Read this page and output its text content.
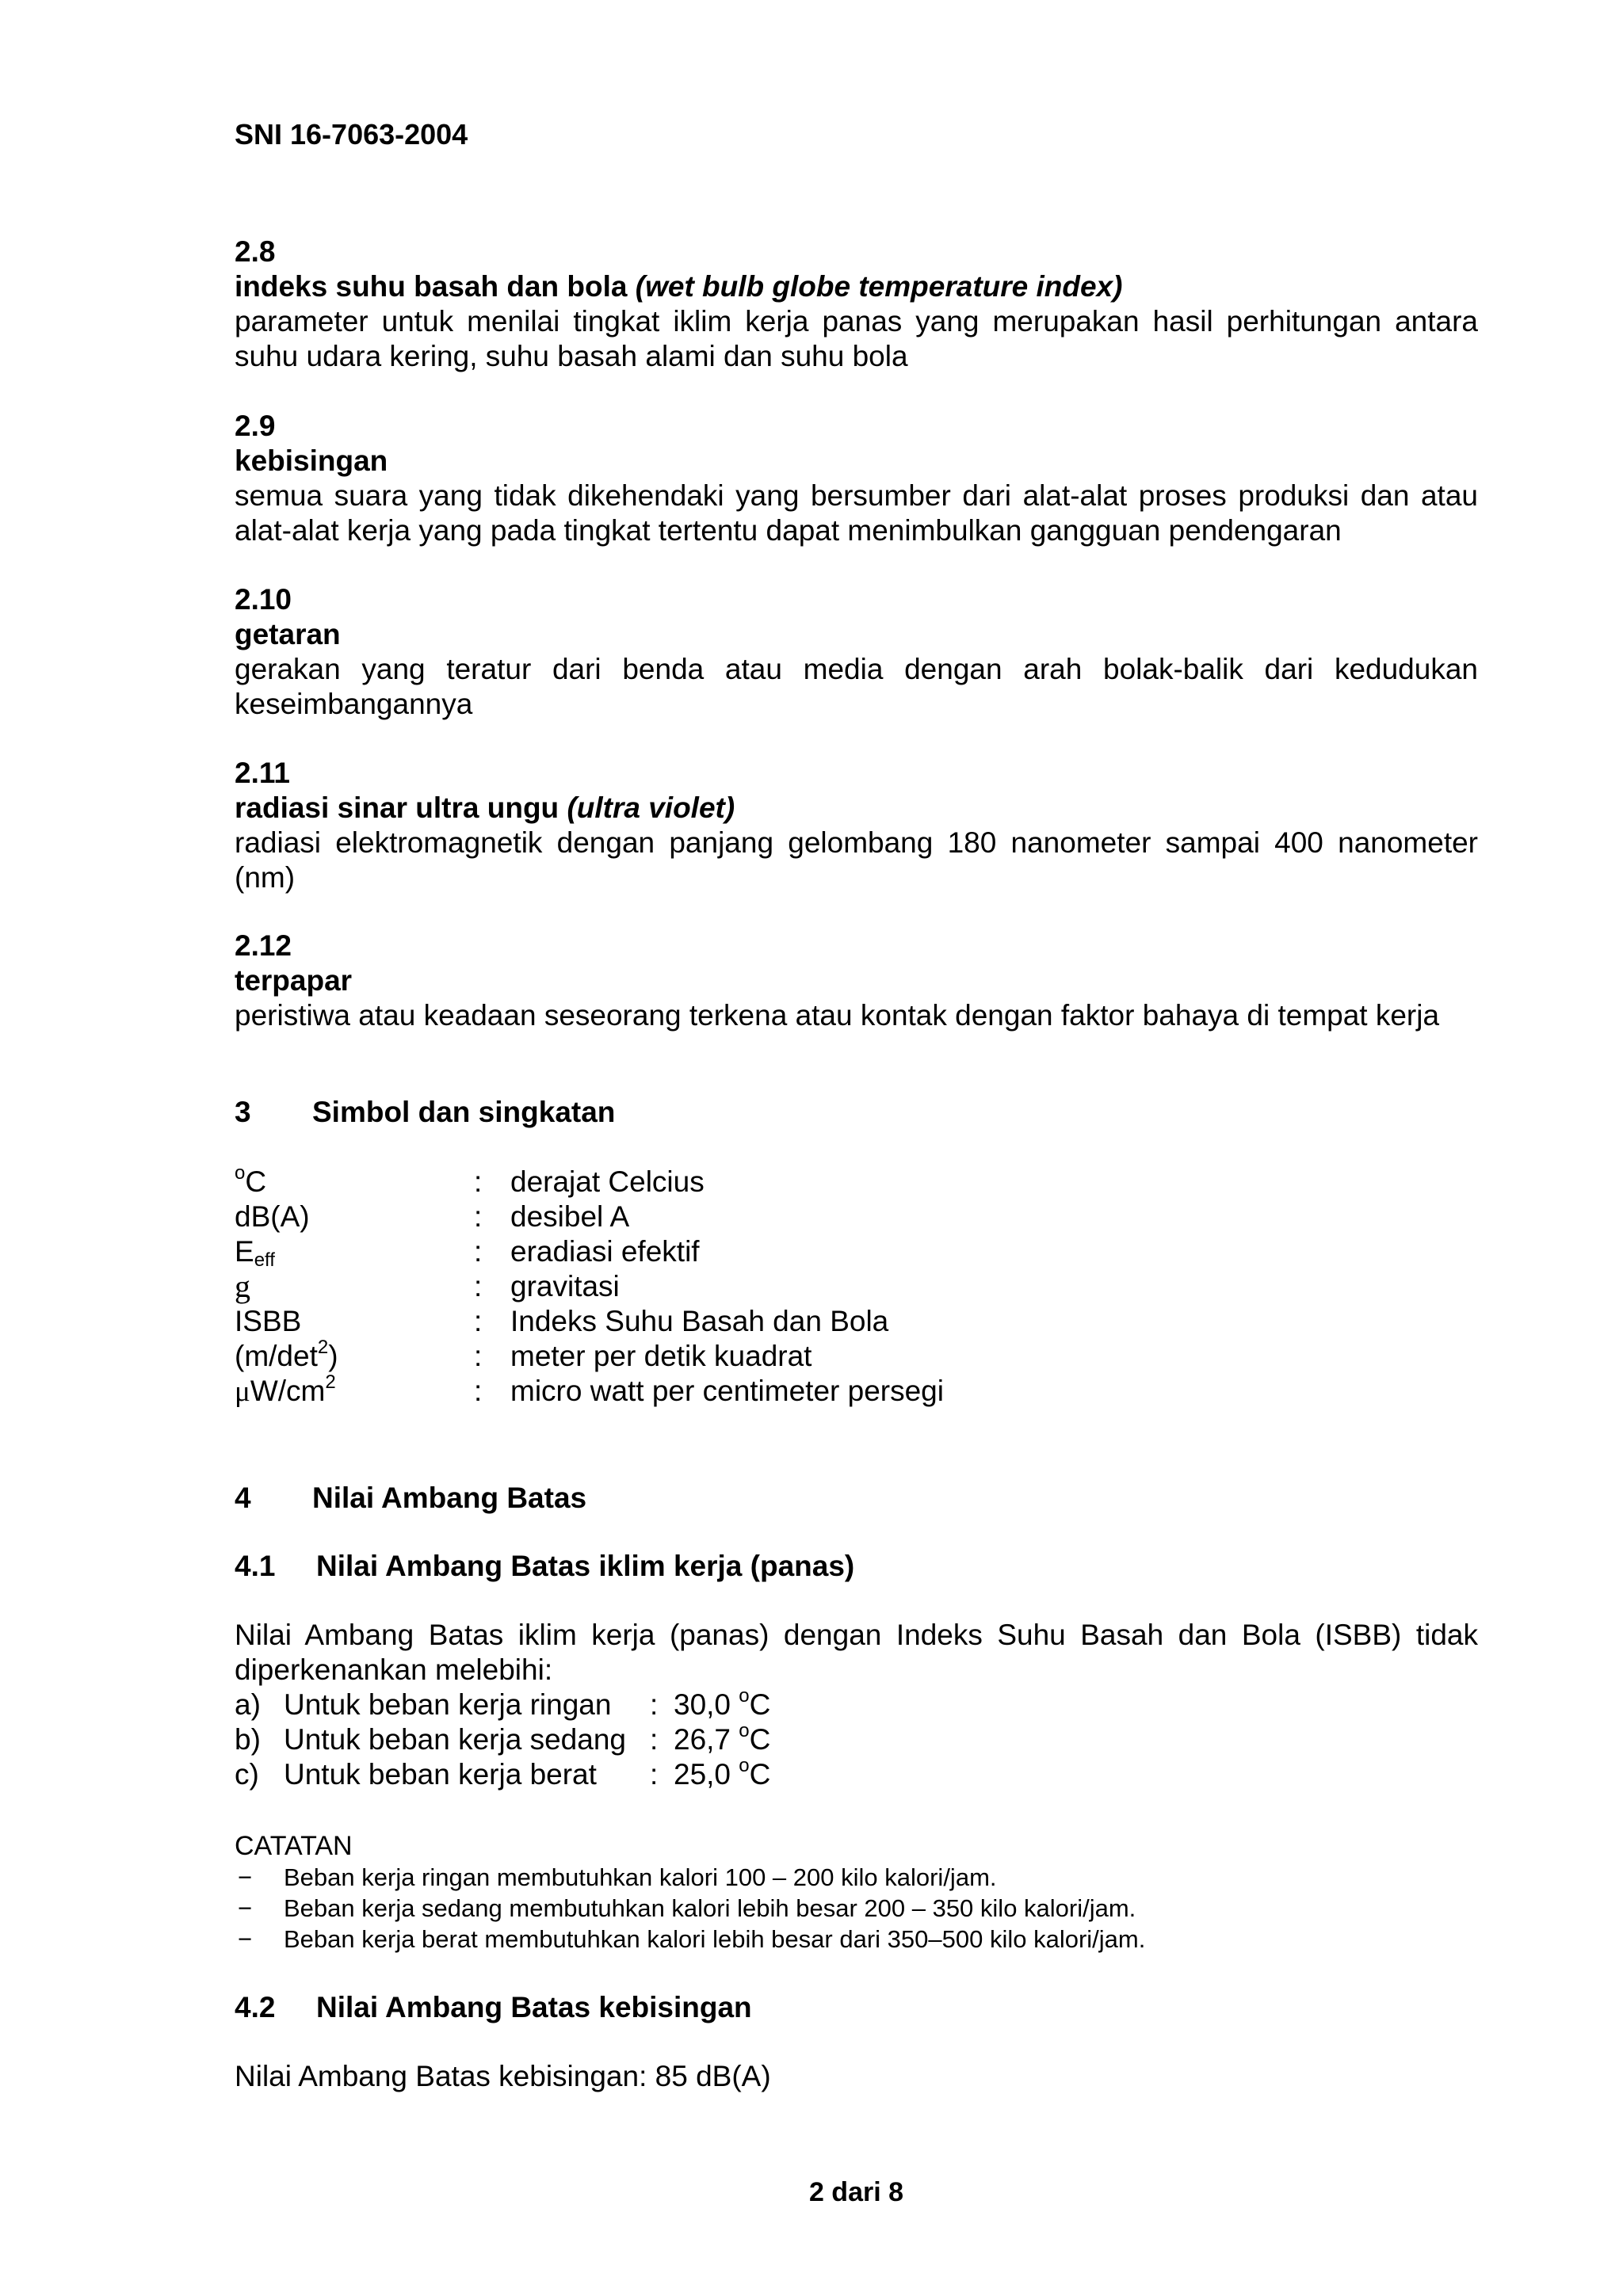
SNI 16-7063-2004
2.8
indeks suhu basah dan bola (wet bulb globe temperature index)
parameter untuk menilai tingkat iklim kerja panas yang merupakan hasil perhitungan antara suhu udara kering, suhu basah alami dan suhu bola
2.9
kebisingan
semua suara yang tidak dikehendaki yang bersumber dari alat-alat proses produksi dan atau alat-alat kerja yang pada tingkat tertentu dapat menimbulkan gangguan pendengaran
2.10
getaran
gerakan yang teratur dari benda atau media dengan arah bolak-balik dari kedudukan
keseimbangannya
2.11
radiasi sinar ultra ungu (ultra violet)
radiasi elektromagnetik dengan panjang gelombang 180 nanometer sampai 400 nanometer
(nm)
2.12
terpapar
peristiwa atau keadaan seseorang terkena atau kontak dengan faktor bahaya di tempat kerja
3	Simbol dan singkatan
$^o$C	: derajat Celcius
dB(A)	: desibel A
$E_{eff}$	: eradiasi efektif
g	: gravitasi
ISBB	: Indeks Suhu Basah dan Bola
$(m/\det^2)$	: meter per detik kuadrat
$\mu W/cm^2$	: micro watt per centimeter persegi
4	Nilai Ambang Batas
4.1	Nilai Ambang Batas iklim kerja (panas)
Nilai Ambang Batas iklim kerja (panas) dengan Indeks Suhu Basah dan Bola (ISBB) tidak
diperkenankan melebihi:
a) Untuk beban kerja ringan	: 30,0 $^o$C
b) Untuk beban kerja sedang : 26,7 $^o$C
c) Untuk beban kerja berat	: 25,0 $^o$C
CATATAN
−	Beban kerja ringan membutuhkan kalori 100 – 200 kilo kalori/jam.
−	Beban kerja sedang membutuhkan kalori lebih besar 200 – 350 kilo kalori/jam.
−	Beban kerja berat membutuhkan kalori lebih besar dari 350–500 kilo kalori/jam.
4.2	Nilai Ambang Batas kebisingan
Nilai Ambang Batas kebisingan: 85 dB(A)
2 dari 8
